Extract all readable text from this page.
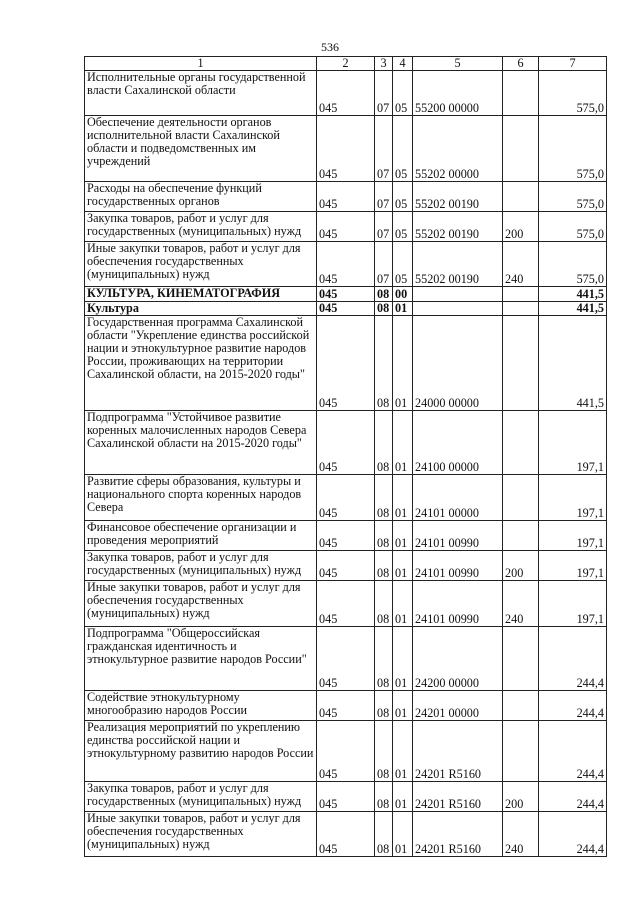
536
1	2	3	4	5	6	7
Исполнительные органы государственной власти Сахалинской области	045	07	05	55200 00000		575,0
Обеспечение деятельности органов исполнительной власти Сахалинской области и подведомственных им учреждений	045	07	05	55202 00000		575,0
Расходы на обеспечение функций государственных органов	045	07	05	55202 00190		575,0
Закупка товаров, работ и услуг для государственных (муниципальных) нужд	045	07	05	55202 00190	200	575,0
Иные закупки товаров, работ и услуг для обеспечения государственных (муниципальных) нужд	045	07	05	55202 00190	240	575,0
КУЛЬТУРА, КИНЕМАТОГРАФИЯ	045	08	00			441,5
Культура	045	08	01			441,5
Государственная программа Сахалинской области "Укрепление единства российской нации и этнокультурное развитие народов России, проживающих на территории Сахалинской области, на 2015-2020 годы"	045	08	01	24000 00000		441,5
Подпрограмма "Устойчивое развитие коренных малочисленных народов Севера Сахалинской области на 2015-2020 годы"	045	08	01	24100 00000		197,1
Развитие сферы образования, культуры и национального спорта коренных народов Севера	045	08	01	24101 00000		197,1
Финансовое обеспечение организации и проведения мероприятий	045	08	01	24101 00990		197,1
Закупка товаров, работ и услуг для государственных (муниципальных) нужд	045	08	01	24101 00990	200	197,1
Иные закупки товаров, работ и услуг для обеспечения государственных (муниципальных) нужд	045	08	01	24101 00990	240	197,1
Подпрограмма "Общероссийская гражданская идентичность и этнокультурное развитие народов России"	045	08	01	24200 00000		244,4
Содействие этнокультурному многообразию народов России	045	08	01	24201 00000		244,4
Реализация мероприятий по укреплению единства российской нации и этнокультурному развитию народов России	045	08	01	24201 R5160		244,4
Закупка товаров, работ и услуг для государственных (муниципальных) нужд	045	08	01	24201 R5160	200	244,4
Иные закупки товаров, работ и услуг для обеспечения государственных (муниципальных) нужд	045	08	01	24201 R5160	240	244,4
